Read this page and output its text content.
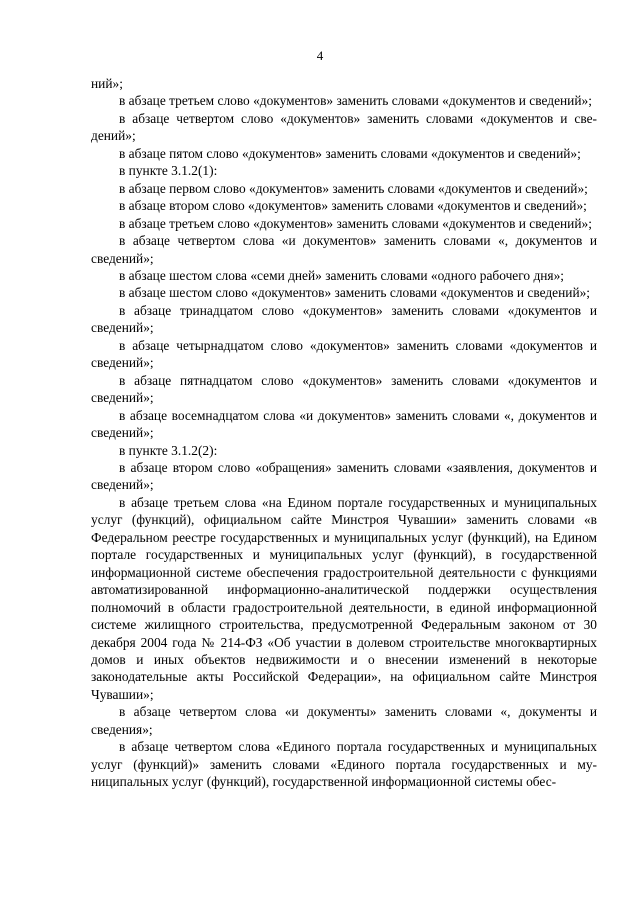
4

ний»;

в абзаце третьем слово «документов» заменить словами «документов и сведений»;

в абзаце четвертом слово «документов» заменить словами «документов и сведений»;

в абзаце пятом слово «документов» заменить словами «документов и сведений»;

в пункте 3.1.2(1):

в абзаце первом слово «документов» заменить словами «документов и сведений»;

в абзаце втором слово «документов» заменить словами «документов и сведений»;

в абзаце третьем слово «документов» заменить словами «документов и сведений»;

в абзаце четвертом слова «и документов» заменить словами «, документов и сведений»;

в абзаце шестом слова «семи дней» заменить словами «одного рабочего дня»;

в абзаце шестом слово «документов» заменить словами «документов и сведений»;

в абзаце тринадцатом слово «документов» заменить словами «документов и сведений»;

в абзаце четырнадцатом слово «документов» заменить словами «документов и сведений»;

в абзаце пятнадцатом слово «документов» заменить словами «документов и сведений»;

в абзаце восемнадцатом слова «и документов» заменить словами «, документов и сведений»;

в пункте 3.1.2(2):

в абзаце втором слово «обращения» заменить словами «заявления, документов и сведений»;

в абзаце третьем слова «на Едином портале государственных и муниципальных услуг (функций), официальном сайте Минстроя Чувашии» заменить словами «в Федеральном реестре государственных и муниципальных услуг (функций), на Едином портале государственных и муниципальных услуг (функций), в государственной информационной системе обеспечения градостроительной деятельности с функциями автоматизированной информационно-аналитической поддержки осуществления полномочий в области градостроительной деятельности, в единой информационной системе жилищного строительства, предусмотренной Федеральным законом от 30 декабря 2004 года № 214-ФЗ «Об участии в долевом строительстве многоквартирных домов и иных объектов недвижимости и о внесении изменений в некоторые законодательные акты Российской Федерации», на официальном сайте Минстроя Чувашии»;

в абзаце четвертом слова «и документы» заменить словами «, документы и сведения»;

в абзаце четвертом слова «Единого портала государственных и муниципальных услуг (функций)» заменить словами «Единого портала государственных и муниципальных услуг (функций), государственной информационной системы обес-
